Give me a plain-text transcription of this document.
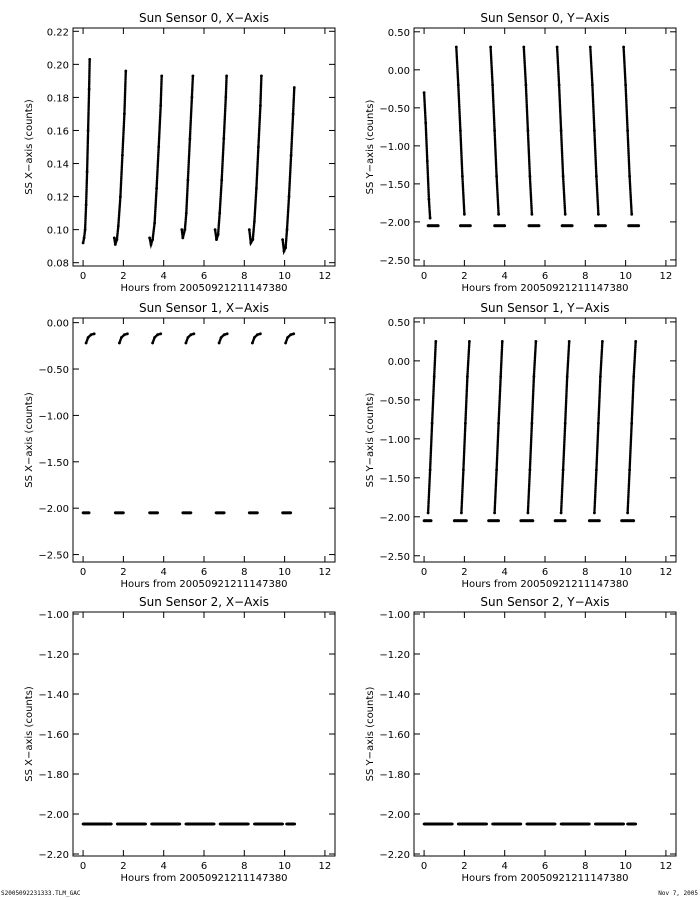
Sun Sensor 0, X−Axis
0	2	4	6	8	10	12
0.08
0.10
0.12
0.14
0.16
0.18
0.20
0.22
Hours from 20050921211147380
SS X−axis (counts)
Sun Sensor 0, Y−Axis
0	2	4	6	8	10	12
0.50
0.00
−0.50
−1.00
−1.50
−2.00
−2.50
Hours from 20050921211147380
SS Y−axis (counts)
Sun Sensor 1, X−Axis
0	2	4	6	8	10	12
0.00
−0.50
−1.00
−1.50
−2.00
−2.50
Hours from 20050921211147380
SS X−axis (counts)
Sun Sensor 1, Y−Axis
0	2	4	6	8	10	12
0.50
0.00
−0.50
−1.00
−1.50
−2.00
−2.50
Hours from 20050921211147380
SS Y−axis (counts)
Sun Sensor 2, X−Axis
0	2	4	6	8	10	12
−1.00
−1.20
−1.40
−1.60
−1.80
−2.00
−2.20
Hours from 20050921211147380
SS X−axis (counts)
Sun Sensor 2, Y−Axis
0	2	4	6	8	10	12
−1.00
−1.20
−1.40
−1.60
−1.80
−2.00
−2.20
Hours from 20050921211147380
SS Y−axis (counts)
S2005092231333.TLM_GAC	Nov 7, 2005
